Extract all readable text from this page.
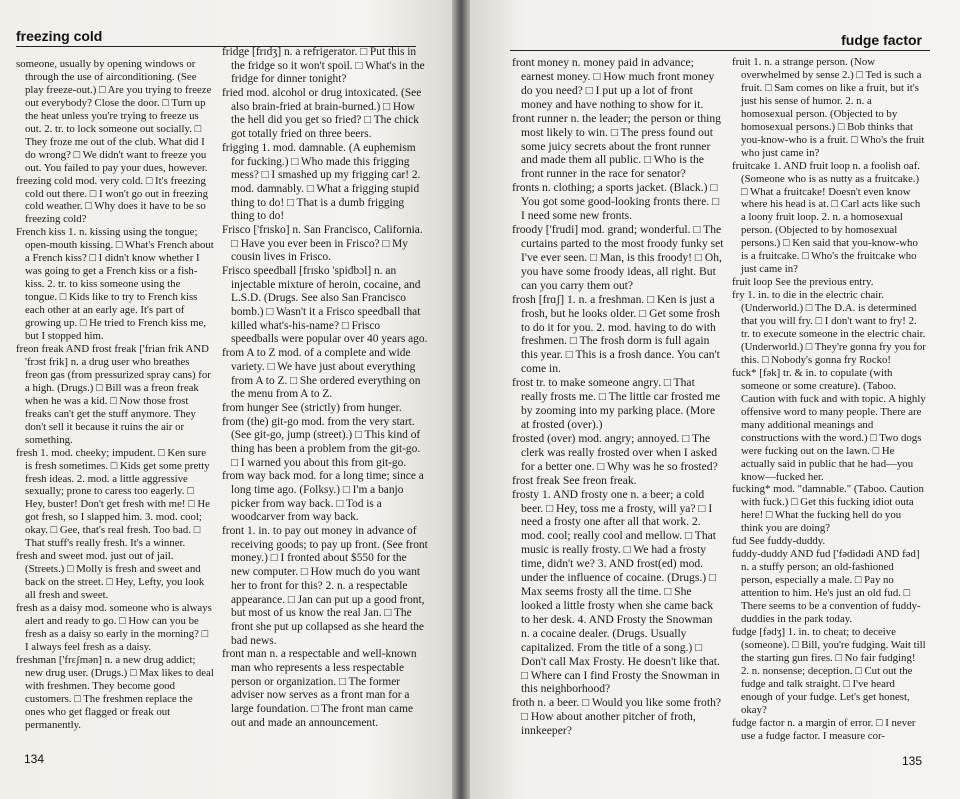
freezing cold

someone, usually by opening windows or through the use of airconditioning. (See play freeze-out.) □ Are you trying to freeze out everybody? Close the door. □ Turn up the heat unless you're trying to freeze us out. 2. tr. to lock someone out socially. □ They froze me out of the club. What did I do wrong? □ We didn't want to freeze you out. You failed to pay your dues, however.

freezing cold mod. very cold. □ It's freezing cold out there. □ I won't go out in freezing cold weather. □ Why does it have to be so freezing cold?

French kiss 1. n. kissing using the tongue; open-mouth kissing. □ What's French about a French kiss? □ I didn't know whether I was going to get a French kiss or a fish-kiss. 2. tr. to kiss someone using the tongue. □ Kids like to try to French kiss each other at an early age. It's part of growing up. □ He tried to French kiss me, but I stopped him.

freon freak AND frost freak ['frian frik AND 'frɔst frik] n. a drug user who breathes freon gas (from pressurized spray cans) for a high. (Drugs.) □ Bill was a freon freak when he was a kid. □ Now those frost freaks can't get the stuff anymore. They don't sell it because it ruins the air or something.

fresh 1. mod. cheeky; impudent. □ Ken sure is fresh sometimes. □ Kids get some pretty fresh ideas. 2. mod. a little aggressive sexually; prone to caress too eagerly. □ Hey, buster! Don't get fresh with me! □ He got fresh, so I slapped him. 3. mod. cool; okay. □ Gee, that's real fresh. Too bad. □ That stuff's really fresh. It's a winner.

fresh and sweet mod. just out of jail. (Streets.) □ Molly is fresh and sweet and back on the street. □ Hey, Lefty, you look all fresh and sweet.

fresh as a daisy mod. someone who is always alert and ready to go. □ How can you be fresh as a daisy so early in the morning? □ I always feel fresh as a daisy.

freshman ['frɛʃmən] n. a new drug addict; new drug user. (Drugs.) □ Max likes to deal with freshmen. They become good customers. □ The freshmen replace the ones who get flagged or freak out permanently.

fridge [frɪdʒ] n. a refrigerator. □ Put this in the fridge so it won't spoil. □ What's in the fridge for dinner tonight?

fried mod. alcohol or drug intoxicated. (See also brain-fried at brain-burned.) □ How the hell did you get so fried? □ The chick got totally fried on three beers.

frigging 1. mod. damnable. (A euphemism for fucking.) □ Who made this frigging mess? □ I smashed up my frigging car! 2. mod. damnably. □ What a frigging stupid thing to do! □ That is a dumb frigging thing to do!

Frisco ['frɪsko] n. San Francisco, California. □ Have you ever been in Frisco? □ My cousin lives in Frisco.

Frisco speedball [frɪsko 'spidbɔl] n. an injectable mixture of heroin, cocaine, and L.S.D. (Drugs. See also San Francisco bomb.) □ Wasn't it a Frisco speedball that killed what's-his-name? □ Frisco speedballs were popular over 40 years ago.

from A to Z mod. of a complete and wide variety. □ We have just about everything from A to Z. □ She ordered everything on the menu from A to Z.

from hunger See (strictly) from hunger.

from (the) git-go mod. from the very start. (See git-go, jump (street).) □ This kind of thing has been a problem from the git-go. □ I warned you about this from git-go.

from way back mod. for a long time; since a long time ago. (Folksy.) □ I'm a banjo picker from way back. □ Tod is a woodcarver from way back.

front 1. in. to pay out money in advance of receiving goods; to pay up front. (See front money.) □ I fronted about $550 for the new computer. □ How much do you want her to front for this? 2. n. a respectable appearance. □ Jan can put up a good front, but most of us know the real Jan. □ The front she put up collapsed as she heard the bad news.

front man n. a respectable and well-known man who represents a less respectable person or organization. □ The former adviser now serves as a front man for a large foundation. □ The front man came out and made an announcement.

134
fudge factor

front money n. money paid in advance; earnest money. □ How much front money do you need? □ I put up a lot of front money and have nothing to show for it.

front runner n. the leader; the person or thing most likely to win. □ The press found out some juicy secrets about the front runner and made them all public. □ Who is the front runner in the race for senator?

fronts n. clothing; a sports jacket. (Black.) □ You got some good-looking fronts there. □ I need some new fronts.

froody ['frudi] mod. grand; wonderful. □ The curtains parted to the most froody funky set I've ever seen. □ Man, is this froody! □ Oh, you have some froody ideas, all right. But can you carry them out?

frosh [frɑʃ] 1. n. a freshman. □ Ken is just a frosh, but he looks older. □ Get some frosh to do it for you. 2. mod. having to do with freshmen. □ The frosh dorm is full again this year. □ This is a frosh dance. You can't come in.

frost tr. to make someone angry. □ That really frosts me. □ The little car frosted me by zooming into my parking place. (More at frosted (over).)

frosted (over) mod. angry; annoyed. □ The clerk was really frosted over when I asked for a better one. □ Why was he so frosted?

frost freak See freon freak.

frosty 1. AND frosty one n. a beer; a cold beer. □ Hey, toss me a frosty, will ya? □ I need a frosty one after all that work. 2. mod. cool; really cool and mellow. □ That music is really frosty. □ We had a frosty time, didn't we? 3. AND frost(ed) mod. under the influence of cocaine. (Drugs.) □ Max seems frosty all the time. □ She looked a little frosty when she came back to her desk. 4. AND Frosty the Snowman n. a cocaine dealer. (Drugs. Usually capitalized. From the title of a song.) □ Don't call Max Frosty. He doesn't like that. □ Where can I find Frosty the Snowman in this neighborhood?

froth n. a beer. □ Would you like some froth? □ How about another pitcher of froth, innkeeper?

fruit 1. n. a strange person. (Now overwhelmed by sense 2.) □ Ted is such a fruit. □ Sam comes on like a fruit, but it's just his sense of humor. 2. n. a homosexual person. (Objected to by homosexual persons.) □ Bob thinks that you-know-who is a fruit. □ Who's the fruit who just came in?

fruitcake 1. AND fruit loop n. a foolish oaf. (Someone who is as nutty as a fruitcake.) □ What a fruitcake! Doesn't even know where his head is at. □ Carl acts like such a loony fruit loop. 2. n. a homosexual person. (Objected to by homosexual persons.) □ Ken said that you-know-who is a fruitcake. □ Who's the fruitcake who just came in?

fruit loop See the previous entry.

fry 1. in. to die in the electric chair. (Underworld.) □ The D.A. is determined that you will fry. □ I don't want to fry! 2. tr. to execute someone in the electric chair. (Underworld.) □ They're gonna fry you for this. □ Nobody's gonna fry Rocko!

fuck* [fək] tr. & in. to copulate (with someone or some creature). (Taboo. Caution with fuck and with topic. A highly offensive word to many people. There are many additional meanings and constructions with the word.) □ Two dogs were fucking out on the lawn. □ He actually said in public that he had—you know—fucked her.

fucking* mod. "damnable." (Taboo. Caution with fuck.) □ Get this fucking idiot outa here! □ What the fucking hell do you think you are doing?

fud See fuddy-duddy.

fuddy-duddy AND fud ['fədidədi AND fəd] n. a stuffy person; an old-fashioned person, especially a male. □ Pay no attention to him. He's just an old fud. □ There seems to be a convention of fuddy-duddies in the park today.

fudge [fədʒ] 1. in. to cheat; to deceive (someone). □ Bill, you're fudging. Wait till the starting gun fires. □ No fair fudging! 2. n. nonsense; deception. □ Cut out the fudge and talk straight. □ I've heard enough of your fudge. Let's get honest, okay?

fudge factor n. a margin of error. □ I never use a fudge factor. I measure cor-

135
